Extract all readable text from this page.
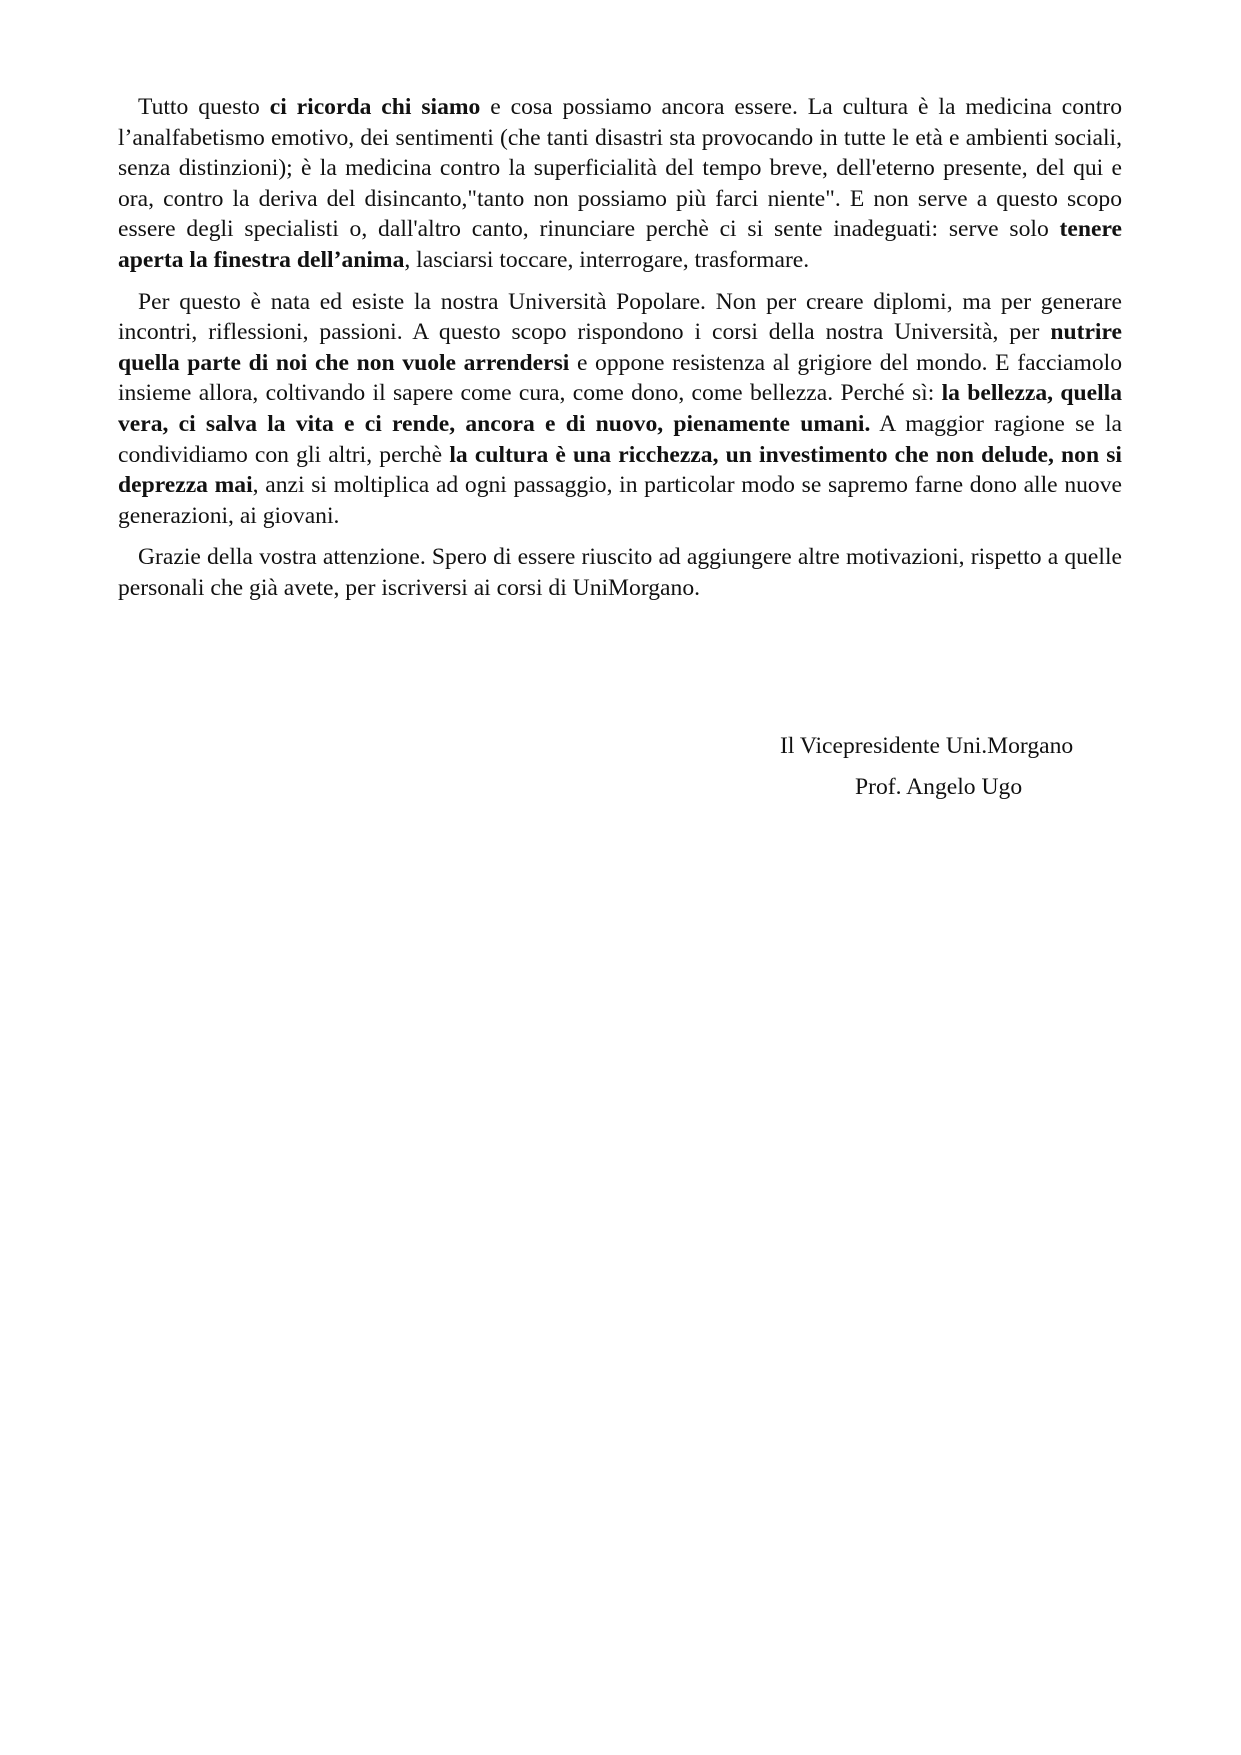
Tutto questo ci ricorda chi siamo e cosa possiamo ancora essere. La cultura è la medicina contro l’analfabetismo emotivo, dei sentimenti (che tanti disastri sta provocando in tutte le età e ambienti sociali, senza distinzioni); è la medicina contro la superficialità del tempo breve, dell'eterno presente, del qui e ora, contro la deriva del disincanto,"tanto non possiamo più farci niente". E non serve a questo scopo essere degli specialisti o, dall'altro canto, rinunciare perchè ci si sente inadeguati: serve solo tenere aperta la finestra dell’anima, lasciarsi toccare, interrogare, trasformare.

Per questo è nata ed esiste la nostra Università Popolare. Non per creare diplomi, ma per generare incontri, riflessioni, passioni. A questo scopo rispondono i corsi della nostra Università, per nutrire quella parte di noi che non vuole arrendersi e oppone resistenza al grigiore del mondo. E facciamolo insieme allora, coltivando il sapere come cura, come dono, come bellezza. Perché sì: la bellezza, quella vera, ci salva la vita e ci rende, ancora e di nuovo, pienamente umani. A maggior ragione se la condividiamo con gli altri, perchè la cultura è una ricchezza, un investimento che non delude, non si deprezza mai, anzi si moltiplica ad ogni passaggio, in particolar modo se sapremo farne dono alle nuove generazioni, ai giovani.

Grazie della vostra attenzione. Spero di essere riuscito ad aggiungere altre motivazioni, rispetto a quelle personali che già avete, per iscriversi ai corsi di UniMorgano.

Il Vicepresidente Uni.Morgano
Prof. Angelo Ugo
